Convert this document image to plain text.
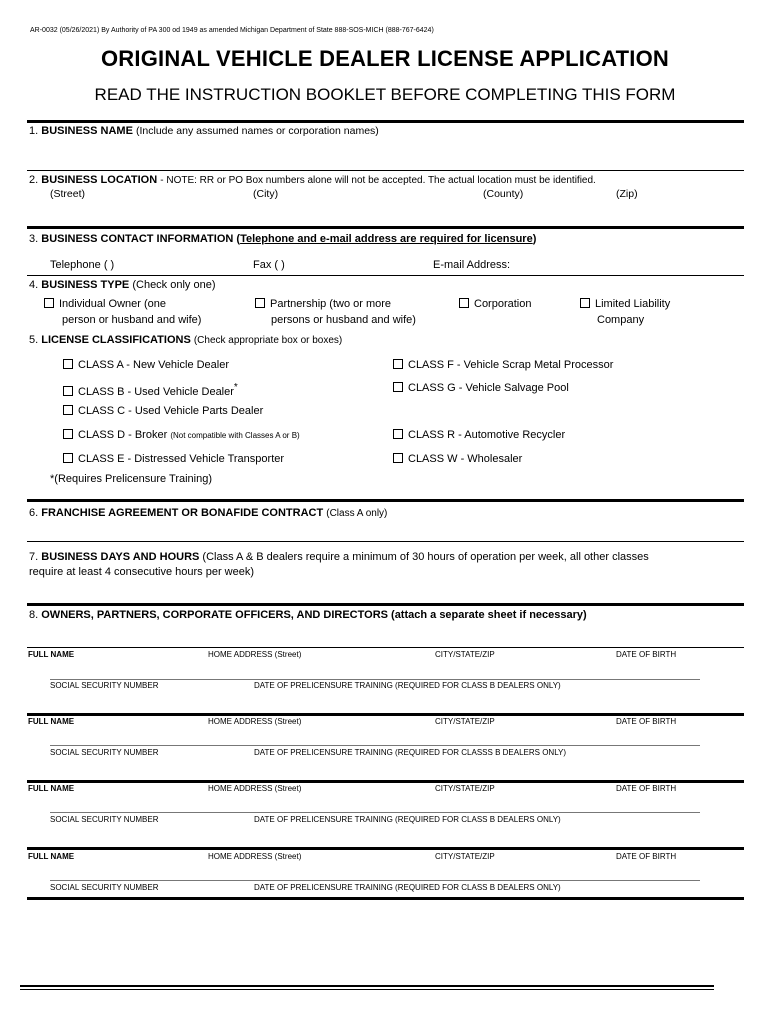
AR-0032 (05/26/2021) By Authority of PA 300 od 1949 as amended Michigan Department of State 888-SOS-MICH (888-767-6424)
ORIGINAL VEHICLE DEALER LICENSE APPLICATION
READ THE INSTRUCTION BOOKLET BEFORE COMPLETING THIS FORM
1. BUSINESS NAME (Include any assumed names or corporation names)
2. BUSINESS LOCATION - NOTE: RR or PO Box numbers alone will not be accepted. The actual location must be identified.
(Street)	(City)	(County)	(Zip)
3. BUSINESS CONTACT INFORMATION (Telephone and e-mail address are required for licensure)
Telephone ( )	Fax ( )	E-mail Address:
4. BUSINESS TYPE (Check only one)
Individual Owner (one
person or husband and wife)
Partnership (two or more
persons or husband and wife)
Corporation	Limited Liability
Company
5. LICENSE CLASSIFICATIONS (Check appropriate box or boxes)
CLASS A - New Vehicle Dealer
CLASS B - Used Vehicle Dealer*
CLASS C - Used Vehicle Parts Dealer
CLASS D - Broker (Not compatible with Classes A or B)
CLASS E - Distressed Vehicle Transporter
CLASS F - Vehicle Scrap Metal Processor
CLASS G - Vehicle Salvage Pool
CLASS R - Automotive Recycler
CLASS W - Wholesaler
*(Requires Prelicensure Training)
6. FRANCHISE AGREEMENT OR BONAFIDE CONTRACT (Class A only)
7. BUSINESS DAYS AND HOURS (Class A & B dealers require a minimum of 30 hours of operation per week, all other classes
require at least 4 consecutive hours per week)
8. OWNERS, PARTNERS, CORPORATE OFFICERS, AND DIRECTORS (attach a separate sheet if necessary)
FULL NAME	HOME ADDRESS (Street)	CITY/STATE/ZIP	DATE OF BIRTH
SOCIAL SECURITY NUMBER	DATE OF PRELICENSURE TRAINING (REQUIRED FOR CLASS B DEALERS ONLY)
FULL NAME	HOME ADDRESS (Street)	CITY/STATE/ZIP	DATE OF BIRTH
SOCIAL SECURITY NUMBER	DATE OF PRELICENSURE TRAINING (REQUIRED FOR CLASSS B DEALERS ONLY)
FULL NAME	HOME ADDRESS (Street)	CITY/STATE/ZIP	DATE OF BIRTH
SOCIAL SECURITY NUMBER	DATE OF PRELICENSURE TRAINING (REQUIRED FOR CLASS B DEALERS ONLY)
FULL NAME	HOME ADDRESS (Street)	CITY/STATE/ZIP	DATE OF BIRTH
SOCIAL SECURITY NUMBER	DATE OF PRELICENSURE TRAINING (REQUIRED FOR CLASS B DEALERS ONLY)
